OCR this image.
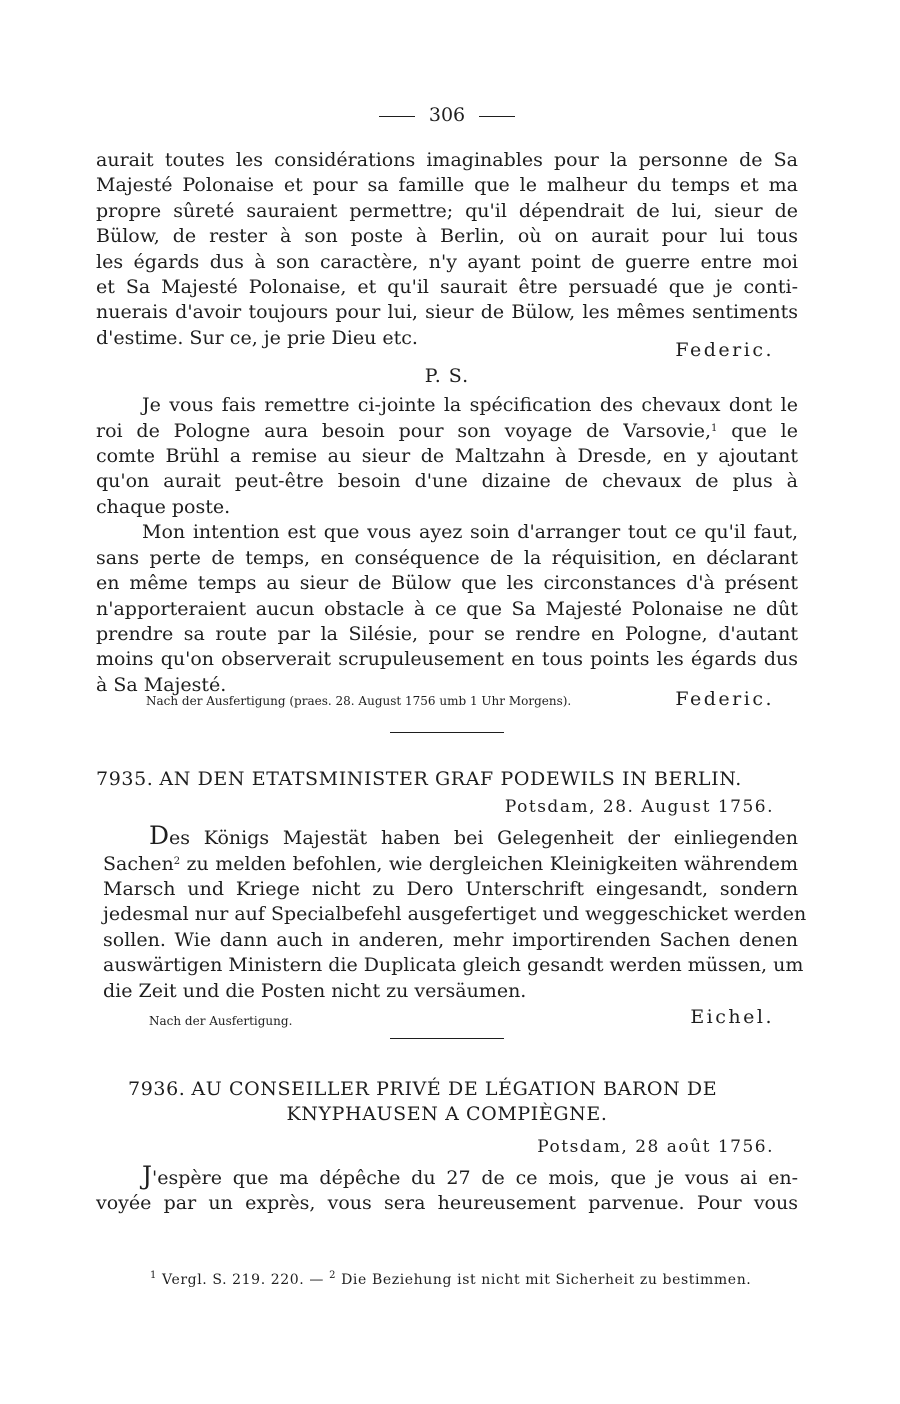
306
aurait toutes les considérations imaginables pour la personne de Sa
Majesté Polonaise et pour sa famille que le malheur du temps et ma
propre sûreté sauraient permettre; qu'il dépendrait de lui, sieur de
Bülow, de rester à son poste à Berlin, où on aurait pour lui tous
les égards dus à son caractère, n'y ayant point de guerre entre moi
et Sa Majesté Polonaise, et qu'il saurait être persuadé que je conti-
nuerais d'avoir toujours pour lui, sieur de Bülow, les mêmes sentiments
d'estime. Sur ce, je prie Dieu etc.
Federic.
P. S.
Je vous fais remettre ci-jointe la spécification des chevaux dont le
roi de Pologne aura besoin pour son voyage de Varsovie,$^1$ que le
comte Brühl a remise au sieur de Maltzahn à Dresde, en y ajoutant
qu'on aurait peut-être besoin d'une dizaine de chevaux de plus à
chaque poste.
Mon intention est que vous ayez soin d'arranger tout ce qu'il faut,
sans perte de temps, en conséquence de la réquisition, en déclarant
en même temps au sieur de Bülow que les circonstances d'à présent
n'apporteraient aucun obstacle à ce que Sa Majesté Polonaise ne dût
prendre sa route par la Silésie, pour se rendre en Pologne, d'autant
moins qu'on observerait scrupuleusement en tous points les égards dus
à Sa Majesté.
Federic.
Nach der Ausfertigung (praes. 28. August 1756 umb 1 Uhr Morgens).
7935. AN DEN ETATSMINISTER GRAF PODEWILS IN BERLIN.
Potsdam, 28. August 1756.
Des Königs Majestät haben bei Gelegenheit der einliegenden
Sachen$^2$ zu melden befohlen, wie dergleichen Kleinigkeiten währendem
Marsch und Kriege nicht zu Dero Unterschrift eingesandt, sondern
jedesmal nur auf Specialbefehl ausgefertiget und weggeschicket werden
sollen. Wie dann auch in anderen, mehr importirenden Sachen denen
auswärtigen Ministern die Duplicata gleich gesandt werden müssen, um
die Zeit und die Posten nicht zu versäumen.
Nach der Ausfertigung.	Eichel.
7936. AU CONSEILLER PRIVÉ DE LÉGATION BARON DE
KNYPHAUSEN A COMPIÈGNE.
Potsdam, 28 août 1756.
J'espère que ma dépêche du 27 de ce mois, que je vous ai en-
voyée par un exprès, vous sera heureusement parvenue. Pour vous
$^1$ Vergl. S. 219. 220. — $^2$ Die Beziehung ist nicht mit Sicherheit zu bestimmen.
